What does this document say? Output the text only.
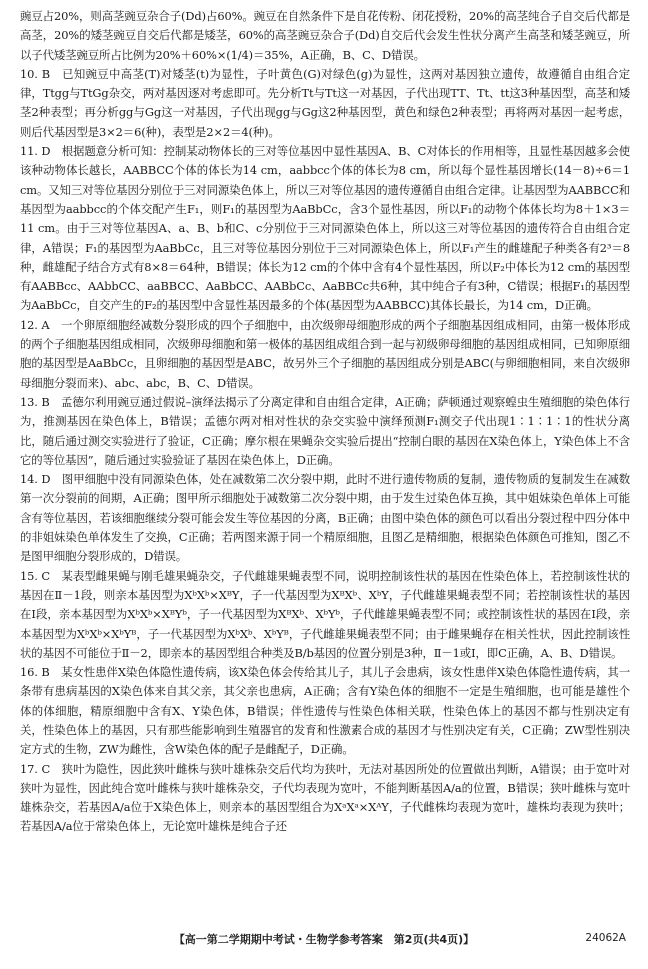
豌豆占20%，则高茎豌豆杂合子(Dd)占60%。豌豆在自然条件下是自花传粉、闭花授粉，20%的高茎纯合子自交后代都是高茎，20%的矮茎豌豆自交后代都是矮茎，60%的高茎豌豆杂合子(Dd)自交后代会发生性状分离产生高茎和矮茎豌豆，所以子代矮茎豌豆所占比例为20%＋60%×(1/4)＝35%，A正确，B、C、D错误。

10. B　已知豌豆中高茎(T)对矮茎(t)为显性，子叶黄色(G)对绿色(g)为显性，这两对基因独立遗传，故遵循自由组合定律，Ttgg与TtGg杂交，两对基因逐对考虑即可。先分析Tt与Tt这一对基因，子代出现TT、Tt、tt这3种基因型，高茎和矮茎2种表型；再分析gg与Gg这一对基因，子代出现gg与Gg这2种基因型，黄色和绿色2种表型；再将两对基因一起考虑，则后代基因型是3×2＝6(种)，表型是2×2＝4(种)。

11. D　根据题意分析可知：控制某动物体长的三对等位基因中显性基因A、B、C对体长的作用相等，且显性基因越多会使该种动物体长越长，AABBCC个体的体长为14 cm，aabbcc个体的体长为8 cm，所以每个显性基因增长(14－8)÷6＝1 cm。又知三对等位基因分别位于三对同源染色体上，所以三对等位基因的遗传遵循自由组合定律。让基因型为AABBCC和基因型为aabbcc的个体交配产生F₁，则F₁的基因型为AaBbCc，含3个显性基因，所以F₁的动物个体体长均为8＋1×3＝11 cm。由于三对等位基因A、a、B、b和C、c分别位于三对同源染色体上，所以这三对等位基因的遗传符合自由组合定律，A错误；F₁的基因型为AaBbCc，且三对等位基因分别位于三对同源染色体上，所以F₁产生的雌雄配子种类各有2³＝8种，雌雄配子结合方式有8×8＝64种，B错误；体长为12 cm的个体中含有4个显性基因，所以F₂中体长为12 cm的基因型有AABBcc、AAbbCC、aaBBCC、AaBbCC、AABbCc、AaBBCc共6种，其中纯合子有3种，C错误；根据F₁的基因型为AaBbCc，自交产生的F₂的基因型中含显性基因最多的个体(基因型为AABBCC)其体长最长，为14 cm，D正确。

12. A　一个卵原细胞经减数分裂形成的四个子细胞中，由次级卵母细胞形成的两个子细胞基因组成相同，由第一极体形成的两个子细胞基因组成相同，次级卵母细胞和第一极体的基因组成组合到一起与初级卵母细胞的基因组成相同，已知卵原细胞的基因型是AaBbCc，且卵细胞的基因型是ABC，故另外三个子细胞的基因组成分别是ABC(与卵细胞相同，来自次级卵母细胞分裂而来)、abc、abc，B、C、D错误。

13. B　孟德尔利用豌豆通过假说–演绎法揭示了分离定律和自由组合定律，A正确；萨顿通过观察蝗虫生殖细胞的染色体行为，推测基因在染色体上，B错误；孟德尔两对相对性状的杂交实验中演绎预测F₁测交子代出现1∶1∶1∶1的性状分离比，随后通过测交实验进行了验证，C正确；摩尔根在果蝇杂交实验后提出“控制白眼的基因在X染色体上，Y染色体上不含它的等位基因”，随后通过实验验证了基因在染色体上，D正确。

14. D　图甲细胞中没有同源染色体，处在减数第二次分裂中期，此时不进行遗传物质的复制，遗传物质的复制发生在减数第一次分裂前的间期，A正确；图甲所示细胞处于减数第二次分裂中期，由于发生过染色体互换，其中姐妹染色单体上可能含有等位基因，若该细胞继续分裂可能会发生等位基因的分离，B正确；由图中染色体的颜色可以看出分裂过程中四分体中的非姐妹染色单体发生了交换，C正确；若两图来源于同一个精原细胞，且图乙是精细胞，根据染色体颜色可推知，图乙不是图甲细胞分裂形成的，D错误。

15. C　某表型雌果蝇与刚毛雄果蝇杂交，子代雌雄果蝇表型不同，说明控制该性状的基因在性染色体上，若控制该性状的基因在Ⅱ－1段，则亲本基因型为XᵇXᵇ×XᴮY，子一代基因型为XᴮXᵇ、XᵇY，子代雌雄果蝇表型不同；若控制该性状的基因在Ⅰ段，亲本基因型为XᵇXᵇ×XᴮYᵇ，子一代基因型为XᴮXᵇ、XᵇYᵇ，子代雌雄果蝇表型不同；或控制该性状的基因在Ⅰ段，亲本基因型为XᵇXᵇ×XᵇYᴮ，子一代基因型为XᵇXᵇ、XᵇYᴮ，子代雌雄果蝇表型不同；由于雌果蝇存在相关性状，因此控制该性状的基因不可能位于Ⅱ－2，即亲本的基因型组合种类及B/b基因的位置分别是3种，Ⅱ－1或Ⅰ，即C正确，A、B、D错误。

16. B　某女性患伴X染色体隐性遗传病，该X染色体会传给其儿子，其儿子会患病，该女性患伴X染色体隐性遗传病，其一条带有患病基因的X染色体来自其父亲，其父亲也患病，A正确；含有Y染色体的细胞不一定是生殖细胞，也可能是雄性个体的体细胞，精原细胞中含有X、Y染色体，B错误；伴性遗传与性染色体相关联，性染色体上的基因不都与性别决定有关，性染色体上的基因，只有那些能影响到生殖器官的发育和性激素合成的基因才与性别决定有关，C正确；ZW型性别决定方式的生物，ZW为雌性，含W染色体的配子是雌配子，D正确。

17. C　狭叶为隐性，因此狭叶雌株与狭叶雄株杂交后代均为狭叶，无法对基因所处的位置做出判断，A错误；由于宽叶对狭叶为显性，因此纯合宽叶雌株与狭叶雄株杂交，子代均表现为宽叶，不能判断基因A/a的位置，B错误；狭叶雌株与宽叶雄株杂交，若基因A/a位于X染色体上，则亲本的基因型组合为XᵃXᵃ×XᴬY，子代雌株均表现为宽叶，雄株均表现为狭叶；若基因A/a位于常染色体上，无论宽叶雄株是纯合子还

【高一第二学期期中考试・生物学参考答案　第2页(共4页)】	24062A
